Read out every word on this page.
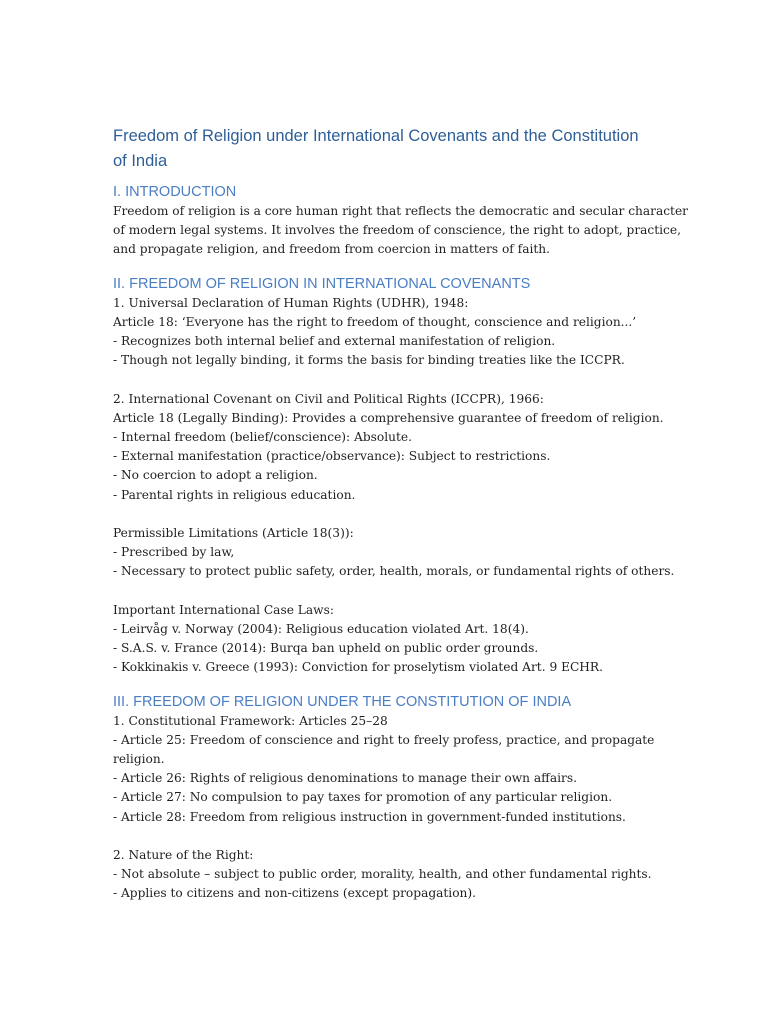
Freedom of Religion under International Covenants and the Constitution of India
I. INTRODUCTION

Freedom of religion is a core human right that reflects the democratic and secular character
of modern legal systems. It involves the freedom of conscience, the right to adopt, practice,
and propagate religion, and freedom from coercion in matters of faith.

II. FREEDOM OF RELIGION IN INTERNATIONAL COVENANTS
1. Universal Declaration of Human Rights (UDHR), 1948:
Article 18: ‘Everyone has the right to freedom of thought, conscience and religion...’
- Recognizes both internal belief and external manifestation of religion.
- Though not legally binding, it forms the basis for binding treaties like the ICCPR.
2. International Covenant on Civil and Political Rights (ICCPR), 1966:
Article 18 (Legally Binding): Provides a comprehensive guarantee of freedom of religion.
- Internal freedom (belief/conscience): Absolute.
- External manifestation (practice/observance): Subject to restrictions.
- No coercion to adopt a religion.
- Parental rights in religious education.
Permissible Limitations (Article 18(3)):
- Prescribed by law,
- Necessary to protect public safety, order, health, morals, or fundamental rights of others.
Important International Case Laws:
- Leirvåg v. Norway (2004): Religious education violated Art. 18(4).
- S.A.S. v. France (2014): Burqa ban upheld on public order grounds.
- Kokkinakis v. Greece (1993): Conviction for proselytism violated Art. 9 ECHR.
III. FREEDOM OF RELIGION UNDER THE CONSTITUTION OF INDIA
1. Constitutional Framework: Articles 25–28
- Article 25: Freedom of conscience and right to freely profess, practice, and propagate
religion.
- Article 26: Rights of religious denominations to manage their own affairs.
- Article 27: No compulsion to pay taxes for promotion of any particular religion.
- Article 28: Freedom from religious instruction in government-funded institutions.
2. Nature of the Right:
- Not absolute – subject to public order, morality, health, and other fundamental rights.
- Applies to citizens and non-citizens (except propagation).
